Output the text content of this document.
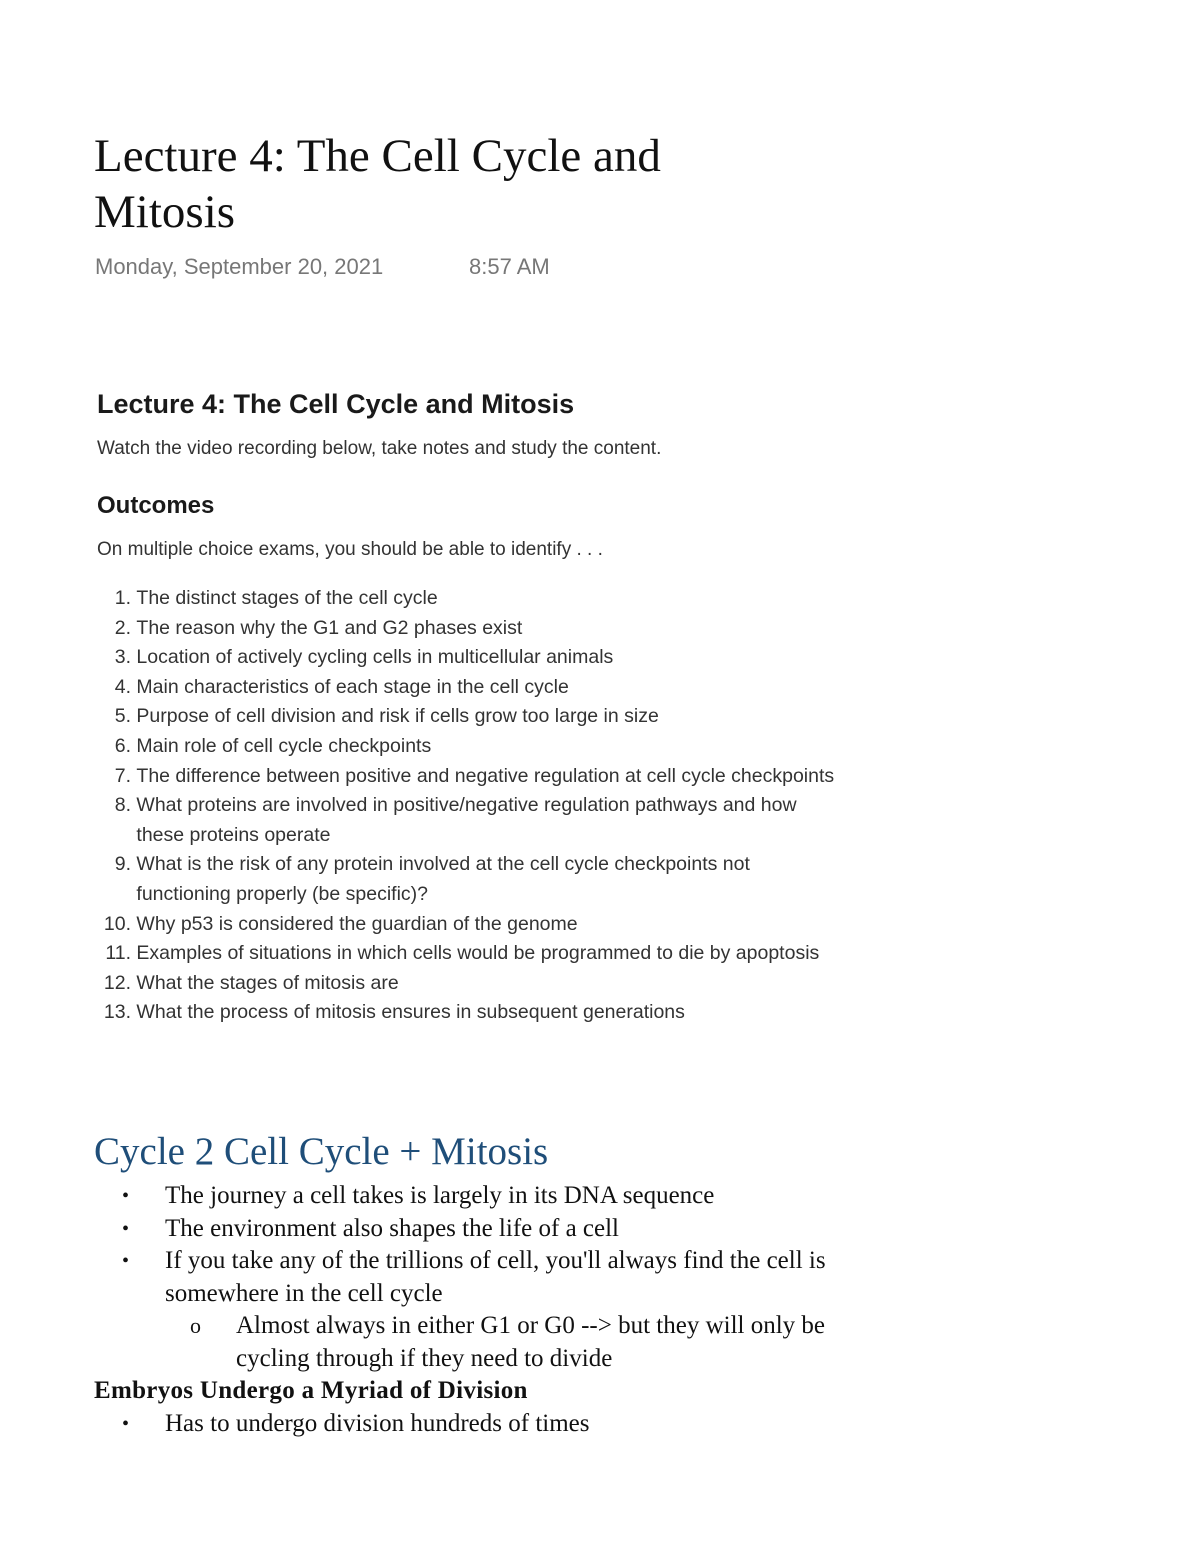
Lecture 4: The Cell Cycle and Mitosis
Monday, September 20, 2021	8:57 AM
Lecture 4: The Cell Cycle and Mitosis

Watch the video recording below, take notes and study the content.

Outcomes

On multiple choice exams, you should be able to identify . . .

1. The distinct stages of the cell cycle
2. The reason why the G1 and G2 phases exist
3. Location of actively cycling cells in multicellular animals
4. Main characteristics of each stage in the cell cycle
5. Purpose of cell division and risk if cells grow too large in size
6. Main role of cell cycle checkpoints
7. The difference between positive and negative regulation at cell cycle checkpoints
8. What proteins are involved in positive/negative regulation pathways and how
these proteins operate
9. What is the risk of any protein involved at the cell cycle checkpoints not
functioning properly (be specific)?
10. Why p53 is considered the guardian of the genome
11. Examples of situations in which cells would be programmed to die by apoptosis
12. What the stages of mitosis are
13. What the process of mitosis ensures in subsequent generations
Cycle 2 Cell Cycle + Mitosis
• The journey a cell takes is largely in its DNA sequence
• The environment also shapes the life of a cell
• If you take any of the trillions of cell, you'll always find the cell is
somewhere in the cell cycle
o Almost always in either G1 or G0 --> but they will only be
cycling through if they need to divide
Embryos Undergo a Myriad of Division
• Has to undergo division hundreds of times
